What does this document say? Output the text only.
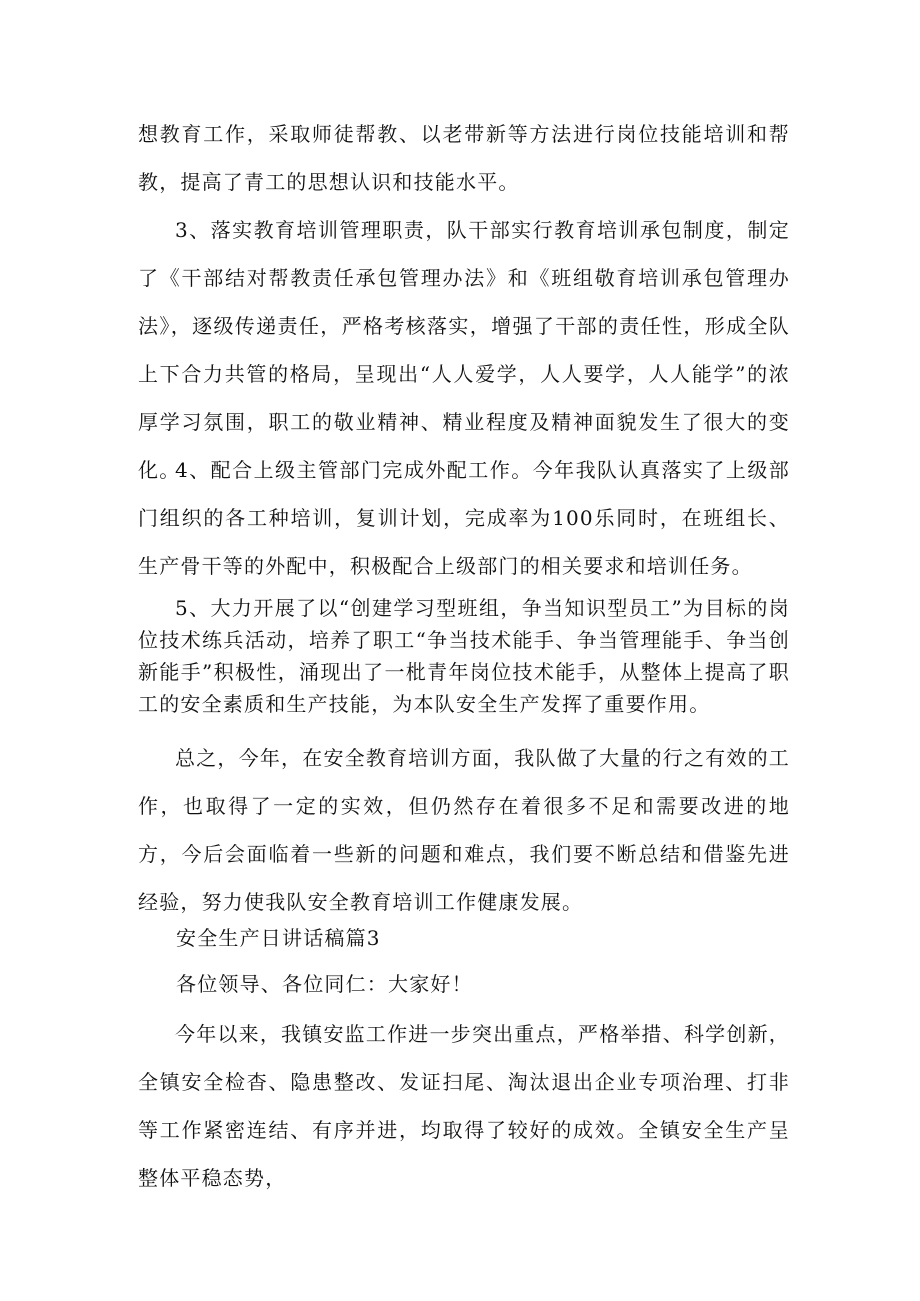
想教育工作，采取师徒帮教、以老带新等方法进行岗位技能培训和帮教，提高了青工的思想认识和技能水平。

3、落实教育培训管理职责，队干部实行教育培训承包制度，制定了《干部结对帮教责任承包管理办法》和《班组敬育培训承包管理办法》，逐级传递责任，严格考核落实，增强了干部的责任性，形成全队上下合力共管的格局，呈现出“人人爱学，人人要学，人人能学”的浓厚学习氛围，职工的敬业精神、精业程度及精神面貌发生了很大的变化。

4、配合上级主管部门完成外配工作。今年我队认真落实了上级部门组织的各工种培训，复训计划，完成率为100乐同时，在班组长、生产骨干等的外配中，积极配合上级部门的相关要求和培训任务。

5、大力开展了以“创建学习型班组，争当知识型员工”为目标的岗位技术练兵活动，培养了职工“争当技术能手、争当管理能手、争当创新能手”积极性，涌现出了一枇青年岗位技术能手，从整体上提高了职工的安全素质和生产技能，为本队安全生产发挥了重要作用。

总之，今年，在安全教育培训方面，我队做了大量的行之有效的工作，也取得了一定的实效，但仍然存在着很多不足和需要改进的地方，今后会面临着一些新的问题和难点，我们要不断总结和借鉴先进经验，努力使我队安全教育培训工作健康发展。

安全生产日讲话稿篇3
各位领导、各位同仁：大家好！

今年以来，我镇安监工作进一步突出重点，严格举措、科学创新，全镇安全检杳、隐患整改、发证扫尾、淘汰退出企业专项治理、打非等工作紧密连结、有序并进，均取得了较好的成效。全镇安全生产呈整体平稳态势，
